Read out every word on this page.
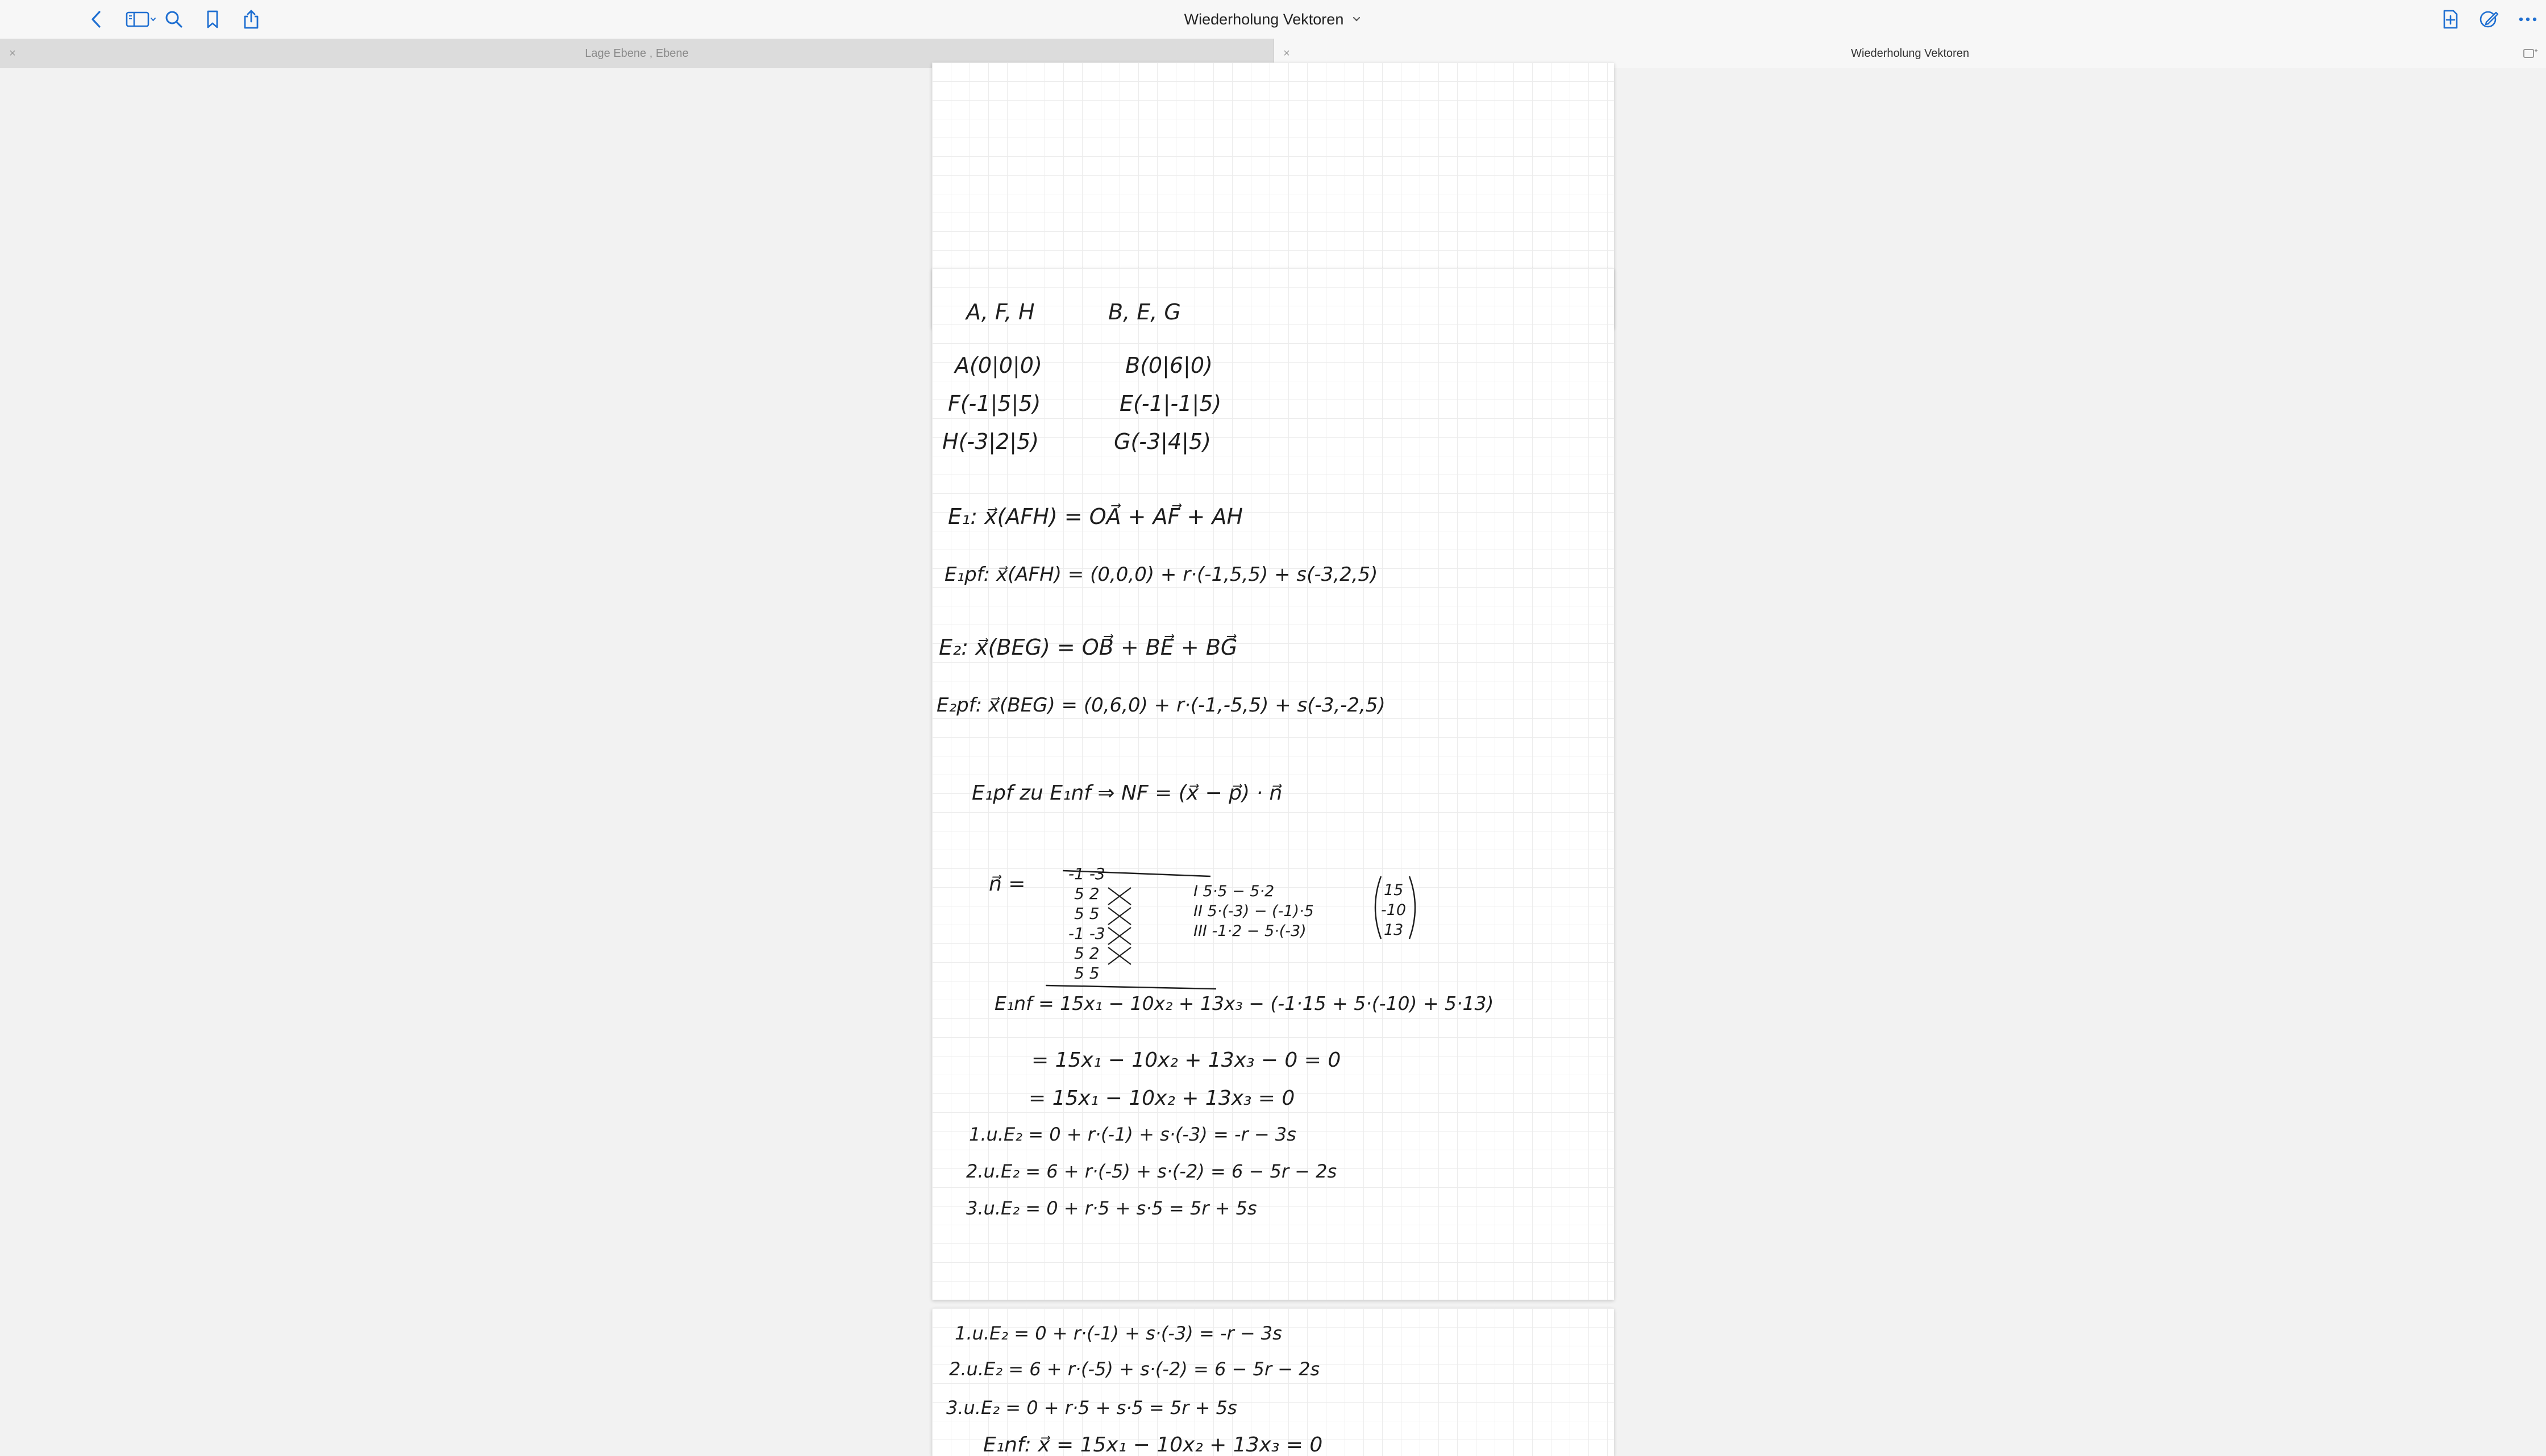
Wiederholung Vektoren
Lage Ebene , Ebene
×	Wiederholung Vektoren
×
A, F, H	B, E, G
A(0|0|0)	B(0|6|0)
F(-1|5|5)	E(-1|-1|5)
H(-3|2|5)	G(-3|4|5)
E₁: x⃗(AFH) = OA⃗ + AF⃗ + AH
E₁pf: x⃗(AFH) = (0,0,0) + r·(-1,5,5) + s(-3,2,5)
E₂: x⃗(BEG) = OB⃗ + BE⃗ + BG⃗
E₂pf: x⃗(BEG) = (0,6,0) + r·(-1,-5,5) + s(-3,-2,5)
E₁pf zu E₁nf ⇒ NF = (x⃗ − p⃗) · n⃗
n⃗ =	-1 -3
5 2
5 5
-1 -3
5 2
5 5
I 5·5 − 5·2
II 5·(-3) − (-1)·5
III -1·2 − 5·(-3)
15
-10
13
E₁nf = 15x₁ − 10x₂ + 13x₃ − (-1·15 + 5·(-10) + 5·13)
= 15x₁ − 10x₂ + 13x₃ − 0 = 0
= 15x₁ − 10x₂ + 13x₃ = 0
1.u.E₂ = 0 + r·(-1) + s·(-3) = -r − 3s
2.u.E₂ = 6 + r·(-5) + s·(-2) = 6 − 5r − 2s
3.u.E₂ = 0 + r·5 + s·5 = 5r + 5s
1.u.E₂ = 0 + r·(-1) + s·(-3) = -r − 3s
2.u.E₂ = 6 + r·(-5) + s·(-2) = 6 − 5r − 2s
3.u.E₂ = 0 + r·5 + s·5 = 5r + 5s
E₁nf: x⃗ = 15x₁ − 10x₂ + 13x₃ = 0
